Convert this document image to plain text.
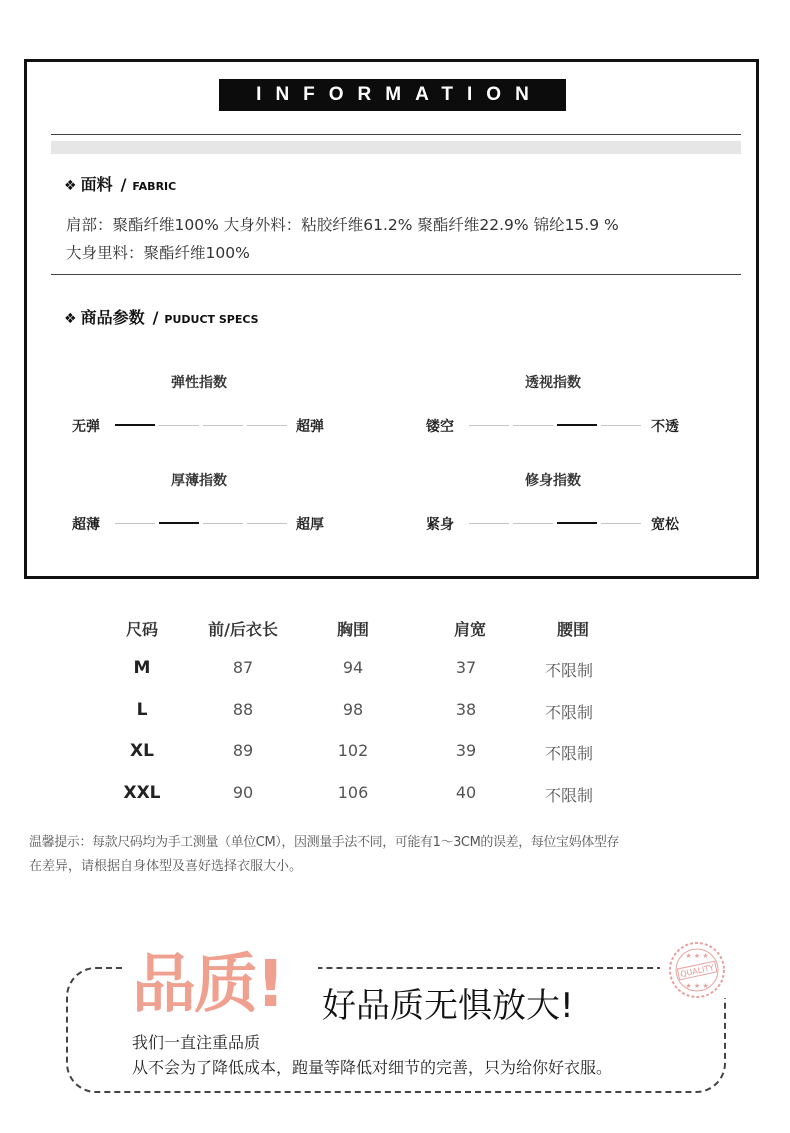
INFORMATION
❖ 面料 / FABRIC
肩部：聚酯纤维100% 大身外料：粘胶纤维61.2% 聚酯纤维22.9% 锦纶15.9 %
大身里料：聚酯纤维100%
❖ 商品参数 / PUDUCT SPECS
弹性指数
无弹	超弹
透视指数
镂空	不透
厚薄指数
超薄	超厚
修身指数
紧身	宽松
尺码	前/后衣长	胸围	肩宽	腰围
M	87	94	37	不限制
L	88	98	38	不限制
XL	89	102	39	不限制
XXL	90	106	40	不限制
温馨提示：每款尺码均为手工测量（单位CM），因测量手法不同，可能有1～3CM的误差，每位宝妈体型存
在差异，请根据自身体型及喜好选择衣服大小。
品质! 好品质无惧放大!
我们一直注重品质
从不会为了降低成本，跑量等降低对细节的完善，只为给你好衣服。
QUALITY
★ ★ ★
★ ★ ★
